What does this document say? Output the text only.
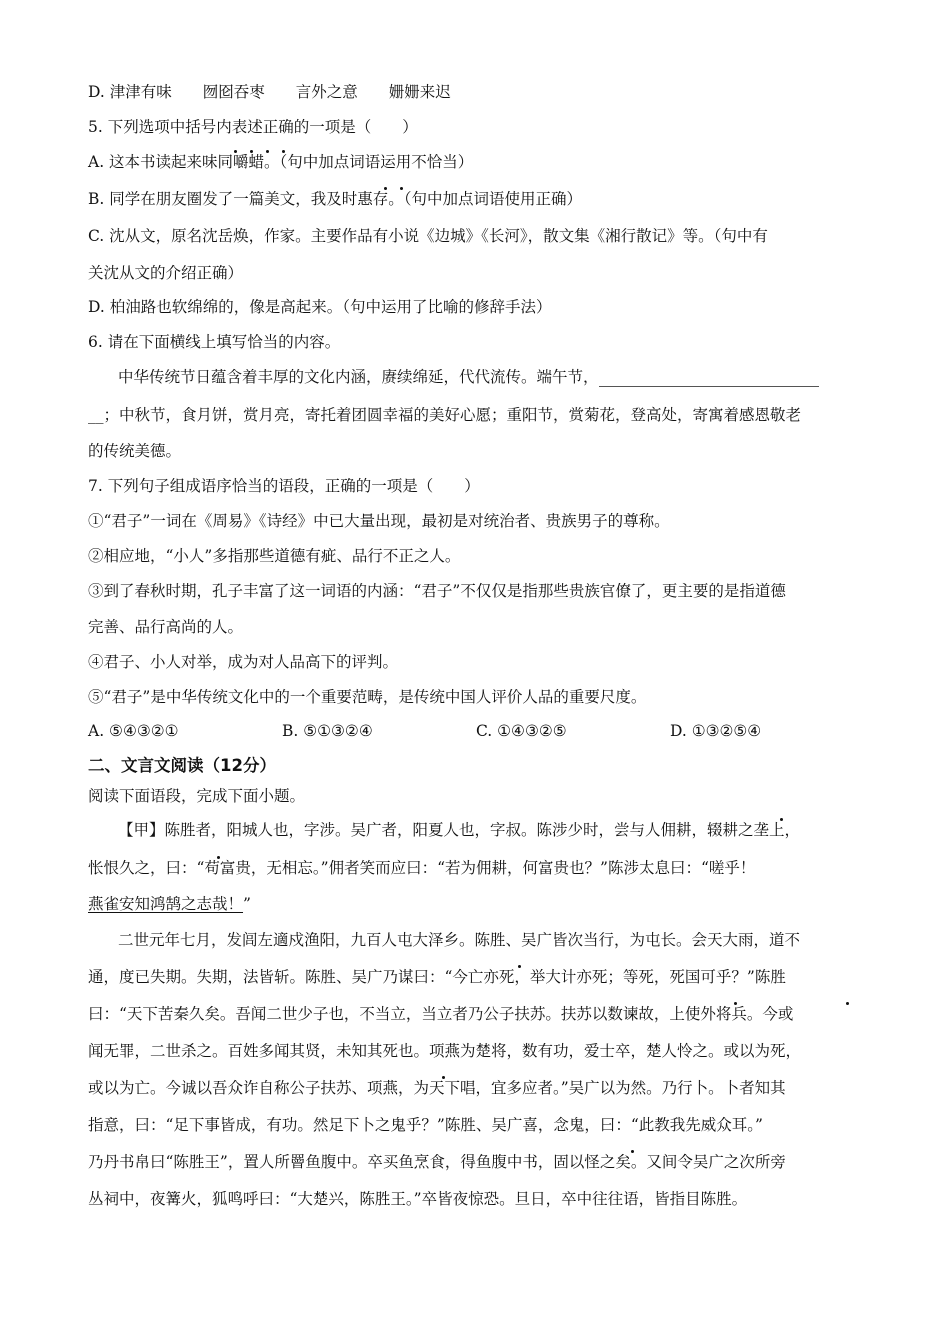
D. 津津有味　　囫囵吞枣　　言外之意　　姗姗来迟
5. 下列选项中括号内表述正确的一项是（　　）
A. 这本书读起来味同嚼蜡。（句中加点词语运用不恰当）
B. 同学在朋友圈发了一篇美文，我及时惠存。（句中加点词语使用正确）
C. 沈从文，原名沈岳焕，作家。主要作品有小说《边城》《长河》，散文集《湘行散记》等。（句中有
关沈从文的介绍正确）
D. 柏油路也软绵绵的，像是高起来。（句中运用了比喻的修辞手法）
6. 请在下面横线上填写恰当的内容。
中华传统节日蕴含着丰厚的文化内涵，赓续绵延，代代流传。端午节，
__；中秋节，食月饼，赏月亮，寄托着团圆幸福的美好心愿；重阳节，赏菊花，登高处，寄寓着感恩敬老
的传统美德。
7. 下列句子组成语序恰当的语段，正确的一项是（　　）
①“君子”一词在《周易》《诗经》中已大量出现，最初是对统治者、贵族男子的尊称。
②相应地，“小人”多指那些道德有疵、品行不正之人。
③到了春秋时期，孔子丰富了这一词语的内涵：“君子”不仅仅是指那些贵族官僚了，更主要的是指道德
完善、品行高尚的人。
④君子、小人对举，成为对人品高下的评判。
⑤“君子”是中华传统文化中的一个重要范畴，是传统中国人评价人品的重要尺度。
A. ⑤④③②①	B. ⑤①③②④	C. ①④③②⑤	D. ①③②⑤④
二、文言文阅读（12分）
阅读下面语段，完成下面小题。
【甲】陈胜者，阳城人也，字涉。吴广者，阳夏人也，字叔。陈涉少时，尝与人佣耕，辍耕之垄上，
怅恨久之，曰：“苟富贵，无相忘。”佣者笑而应曰：“若为佣耕，何富贵也？”陈涉太息曰：“嗟乎！
燕雀安知鸿鹄之志哉！”
二世元年七月，发闾左適戍渔阳，九百人屯大泽乡。陈胜、吴广皆次当行，为屯长。会天大雨，道不
通，度已失期。失期，法皆斩。陈胜、吴广乃谋曰：“今亡亦死，举大计亦死；等死，死国可乎？”陈胜
曰：“天下苦秦久矣。吾闻二世少子也，不当立，当立者乃公子扶苏。扶苏以数谏故，上使外将兵。今或
闻无罪，二世杀之。百姓多闻其贤，未知其死也。项燕为楚将，数有功，爱士卒，楚人怜之。或以为死，
或以为亡。今诚以吾众诈自称公子扶苏、项燕，为天下唱，宜多应者。”吴广以为然。乃行卜。卜者知其
指意，曰：“足下事皆成，有功。然足下卜之鬼乎？”陈胜、吴广喜，念鬼，曰：“此教我先威众耳。”
乃丹书帛曰“陈胜王”，置人所罾鱼腹中。卒买鱼烹食，得鱼腹中书，固以怪之矣。又间令吴广之次所旁
丛祠中，夜篝火，狐鸣呼曰：“大楚兴，陈胜王。”卒皆夜惊恐。旦日，卒中往往语，皆指目陈胜。
